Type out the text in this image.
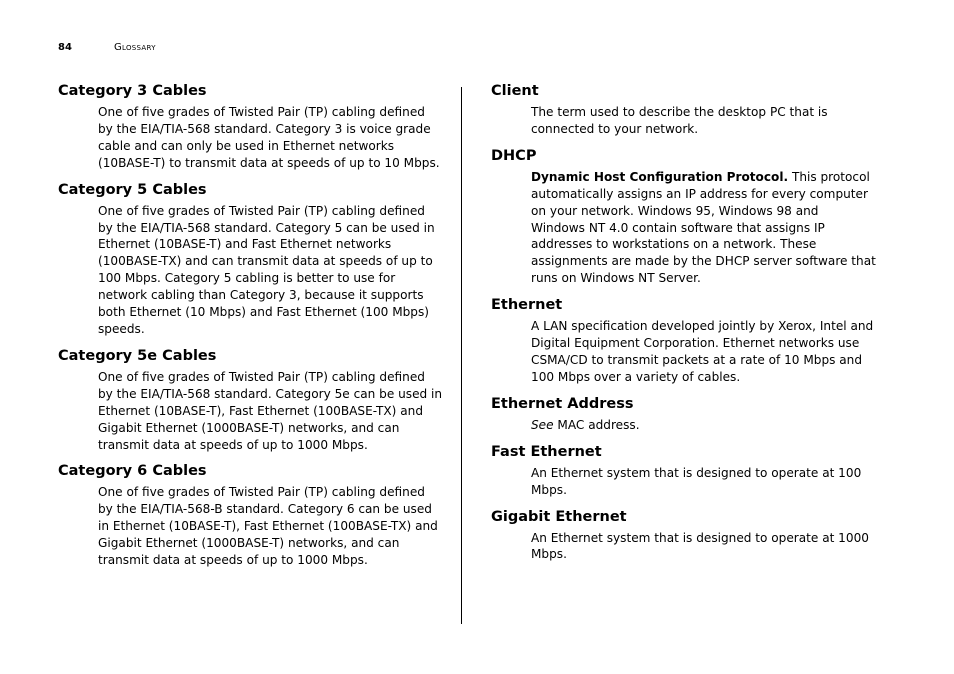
84	Glossary
Category 3 Cables
One of five grades of Twisted Pair (TP) cabling defined by the EIA/TIA-568 standard. Category 3 is voice grade cable and can only be used in Ethernet networks (10BASE-T) to transmit data at speeds of up to 10 Mbps.
Category 5 Cables
One of five grades of Twisted Pair (TP) cabling defined by the EIA/TIA-568 standard. Category 5 can be used in Ethernet (10BASE-T) and Fast Ethernet networks (100BASE-TX) and can transmit data at speeds of up to 100 Mbps. Category 5 cabling is better to use for network cabling than Category 3, because it supports both Ethernet (10 Mbps) and Fast Ethernet (100 Mbps) speeds.
Category 5e Cables
One of five grades of Twisted Pair (TP) cabling defined by the EIA/TIA-568 standard. Category 5e can be used in Ethernet (10BASE-T), Fast Ethernet (100BASE-TX) and Gigabit Ethernet (1000BASE-T) networks, and can transmit data at speeds of up to 1000 Mbps.
Category 6 Cables
One of five grades of Twisted Pair (TP) cabling defined by the EIA/TIA-568-B standard. Category 6 can be used in Ethernet (10BASE-T), Fast Ethernet (100BASE-TX) and Gigabit Ethernet (1000BASE-T) networks, and can transmit data at speeds of up to 1000 Mbps.
Client
The term used to describe the desktop PC that is connected to your network.
DHCP
Dynamic Host Configuration Protocol. This protocol automatically assigns an IP address for every computer on your network. Windows 95, Windows 98 and Windows NT 4.0 contain software that assigns IP addresses to workstations on a network. These assignments are made by the DHCP server software that runs on Windows NT Server.
Ethernet
A LAN specification developed jointly by Xerox, Intel and Digital Equipment Corporation. Ethernet networks use CSMA/CD to transmit packets at a rate of 10 Mbps and 100 Mbps over a variety of cables.
Ethernet Address
See MAC address.
Fast Ethernet
An Ethernet system that is designed to operate at 100 Mbps.
Gigabit Ethernet
An Ethernet system that is designed to operate at 1000 Mbps.
